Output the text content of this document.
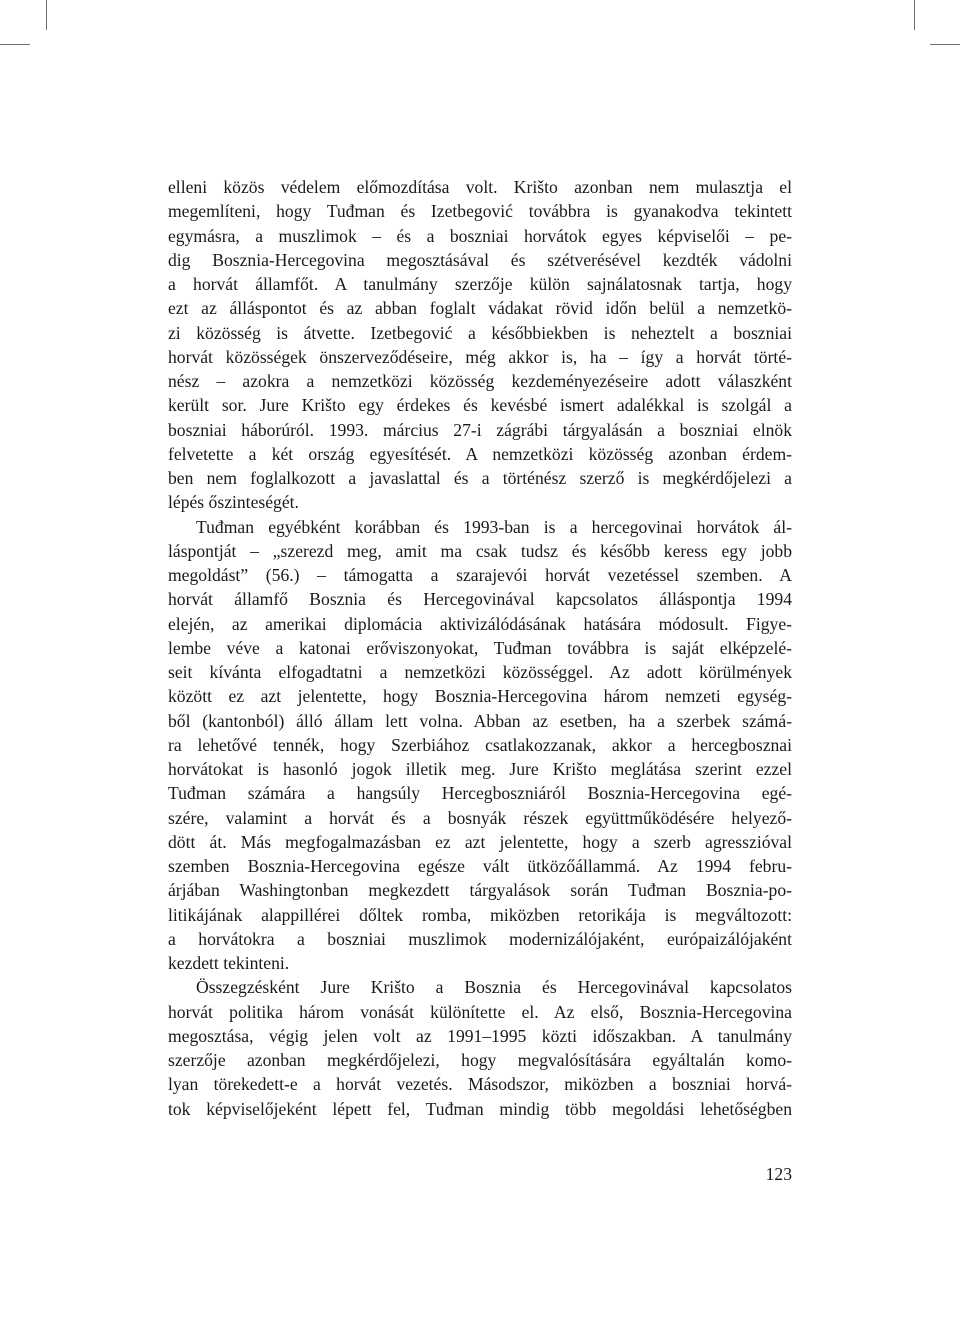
elleni közös védelem előmozdítása volt. Krišto azonban nem mulasztja el
megemlíteni, hogy Tuđman és Izetbegović továbbra is gyanakodva tekintett
egymásra, a muszlimok – és a boszniai horvátok egyes képviselői – pe-
dig Bosznia-Hercegovina megosztásával és szétverésével kezdték vádolni
a horvát államfőt. A tanulmány szerzője külön sajnálatosnak tartja, hogy
ezt az álláspontot és az abban foglalt vádakat rövid időn belül a nemzetkö-
zi közösség is átvette. Izetbegović a későbbiekben is neheztelt a boszniai
horvát közösségek önszerveződéseire, még akkor is, ha – így a horvát törté-
nész – azokra a nemzetközi közösség kezdeményezéseire adott válaszként
került sor. Jure Krišto egy érdekes és kevésbé ismert adalékkal is szolgál a
boszniai háborúról. 1993. március 27-i zágrábi tárgyalásán a boszniai elnök
felvetette a két ország egyesítését. A nemzetközi közösség azonban érdem-
ben nem foglalkozott a javaslattal és a történész szerző is megkérdőjelezi a
lépés őszinteségét.

Tuđman egyébként korábban és 1993-ban is a hercegovinai horvátok ál-
láspontját – „szerezd meg, amit ma csak tudsz és később keress egy jobb
megoldást” (56.) – támogatta a szarajevói horvát vezetéssel szemben. A
horvát államfő Bosznia és Hercegovinával kapcsolatos álláspontja 1994
elején, az amerikai diplomácia aktivizálódásának hatására módosult. Figye-
lembe véve a katonai erőviszonyokat, Tuđman továbbra is saját elképzelé-
seit kívánta elfogadtatni a nemzetközi közösséggel. Az adott körülmények
között ez azt jelentette, hogy Bosznia-Hercegovina három nemzeti egység-
ből (kantonból) álló állam lett volna. Abban az esetben, ha a szerbek számá-
ra lehetővé tennék, hogy Szerbiához csatlakozzanak, akkor a hercegbosznai
horvátokat is hasonló jogok illetik meg. Jure Krišto meglátása szerint ezzel
Tuđman számára a hangsúly Hercegboszniáról Bosznia-Hercegovina egé-
szére, valamint a horvát és a bosnyák részek együttműködésére helyező-
dött át. Más megfogalmazásban ez azt jelentette, hogy a szerb agresszióval
szemben Bosznia-Hercegovina egésze vált ütközőállammá. Az 1994 febru-
árjában Washingtonban megkezdett tárgyalások során Tuđman Bosznia-po-
litikájának alappillérei dőltek romba, miközben retorikája is megváltozott:
a horvátokra a boszniai muszlimok modernizálójaként, európaizálójaként
kezdett tekinteni.

Összegzésként Jure Krišto a Bosznia és Hercegovinával kapcsolatos
horvát politika három vonását különítette el. Az első, Bosznia-Hercegovina
megosztása, végig jelen volt az 1991–1995 közti időszakban. A tanulmány
szerzője azonban megkérdőjelezi, hogy megvalósítására egyáltalán komo-
lyan törekedett-e a horvát vezetés. Másodszor, miközben a boszniai horvá-
tok képviselőjeként lépett fel, Tuđman mindig több megoldási lehetőségben

123
